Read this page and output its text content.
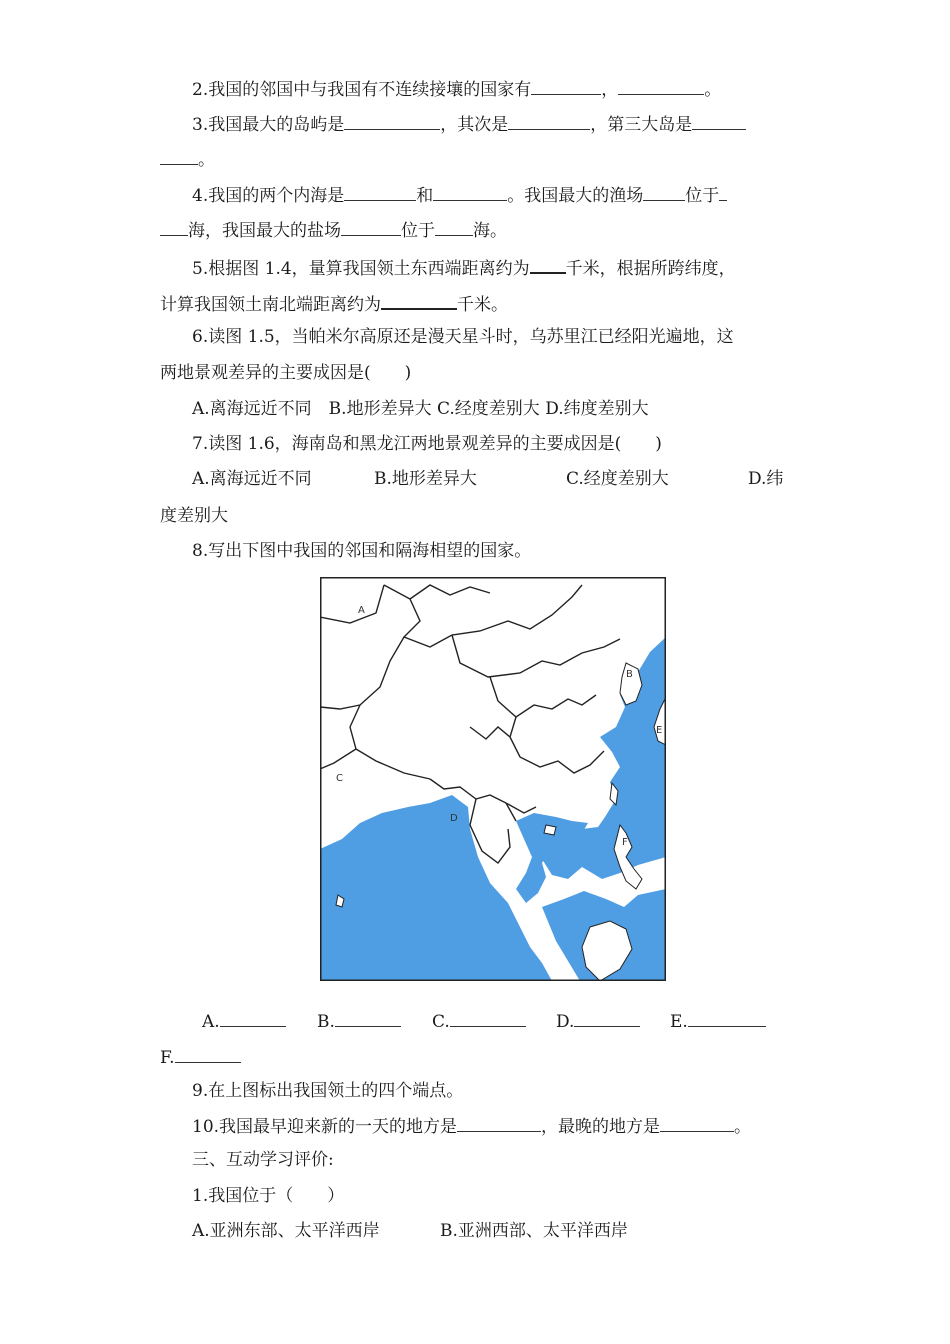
2.我国的邻国中与我国有不连续接壤的国家有	，	。
3.我国最大的岛屿是	，其次是	，第三大岛是
。
4.我国的两个内海是	和	。我国最大的渔场 位于
海，我国最大的盐场	位于 海。
5.根据图 1.4，量算我国领土东西端距离约为 千米，根据所跨纬度，
计算我国领土南北端距离约为	千米。
6.读图 1.5，当帕米尔高原还是漫天星斗时，乌苏里江已经阳光遍地，这
两地景观差异的主要成因是(　　)
A.离海远近不同　B.地形差异大 C.经度差别大 D.纬度差别大
7.读图 1.6，海南岛和黑龙江两地景观差异的主要成因是(　　)
A.离海远近不同	B.地形差异大	C.经度差别大	D.纬
度差别大
8.写出下图中我国的邻国和隔海相望的国家。
A
B
C
D
E
F
A.	B.	C.	D.	E.
F.
9.在上图标出我国领土的四个端点。
10.我国最早迎来新的一天的地方是	，最晚的地方是	。
三、互动学习评价:
1.我国位于（　　）
A.亚洲东部、太平洋西岸	B.亚洲西部、太平洋西岸
